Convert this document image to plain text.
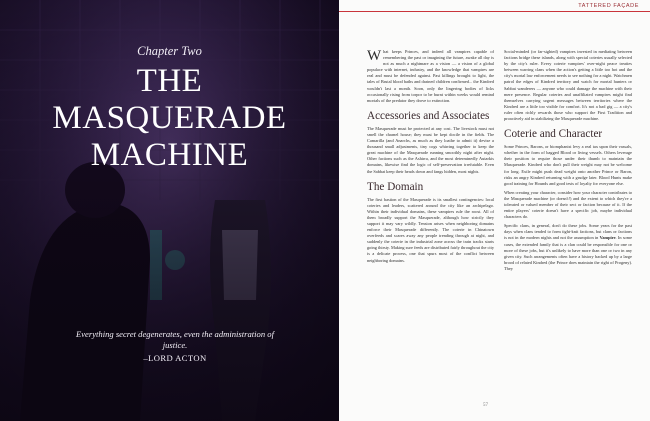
Chapter Two
THE
MASQUERADE
MACHINE
Everything secret degenerates, even the administration of justice.
–LORD ACTON
TATTERED FAÇADE

What keeps Princes, and indeed all vampires capable of remembering the past or imagining the future, awake all day is not as much a nightmare as a vision — a vision of a global populace with internet, industry, and the knowledge that vampires are real and must be defended against. Past killings brought to light, the tales of Brutal blood baths and drained children confirmed... the Kindred wouldn't last a month. Soon, only the lingering bodies of licks occasionally rising from torpor to be burnt within weeks would remind mortals of the predator they drove to extinction.

Accessories and Associates

The Masquerade must be protected at any cost. The livestock must not smell the charnel house; they must be kept docile in the fields. The Camarilla (and Anarchs, as much as they loathe to admit it) devise a thousand small adjustments, tiny cogs whirring together to keep the great machine of the Masquerade running smoothly night after night. Other factions such as the Ashirra, and the most determinedly Autarkis domains, likewise find the logic of self-preservation irrefutable. Even the Sabbat keep their heads down and fangs hidden, most nights.

The Domain

The first bastion of the Masquerade is its smallest contingencies: local coteries and leaders, scattered around the city like an archipelago. Within their individual domains, these vampires rule the roost. All of them broadly support the Masquerade, although how strictly they support it may vary wildly. Tension arises when neighboring domains enforce their Masquerade differently. The coterie in Chinatown overfeeds and scares away any people trending through at night, and suddenly the coterie in the industrial zone across the train tracks starts going thirsty. Making sure feeds are distributed fairly throughout the city is a delicate process, one that spurs most of the conflict between neighboring domains.

Social-minded (or far-sighted) vampires invested in mediating between factions bridge these islands, along with special coteries usually selected by the city's ruler. Every coterie vampires' over-night peace treaties between warring clans when the action's getting a little too hot and the city's mortal law enforcement needs to see nothing for a night. Watchmen patrol the edges of Kindred territory and watch for mortal hunters or Sabbat wanderers — anyone who could damage the machine with their mere presence. Regular coteries and unaffiliated vampires might find themselves carrying urgent messages between territories where the Kindred are a little too visible for comfort. It's not a bad gig — a city's ruler often richly rewards those who support the First Tradition and proactively aid in stabilizing the Masquerade machine.

Coterie and Character

Some Princes, Barons, or biomphanist levy a real tax upon their vassals, whether in the form of bagged Blood or living vessels. Others leverage their position to require those under their thumb to maintain the Masquerade. Kindred who don't pull their weight may not be welcome for long. Exile might push dead weight onto another Prince or Baron, risks an angry Kindred returning with a grudge later. Blood Hunts make good training for Hounds and good tests of loyalty for everyone else.

When creating your character, consider how your character contributes to the Masquerade machine (or doesn't!) and the extent to which they're a tolerated or valued member of their sect or faction because of it. If the entire players' coterie doesn't have a specific job, maybe individual characters do.

Specific clans, in general, don't do these jobs. Some years for the past days when clans tended to form tight-knit factions, but clans or factions is not in the modern nights and not the assumption in Vampire. In some cases, the extended family that is a clan could be responsible for one or more of these jobs, but it's unlikely to have more than one or two in any given city. Such arrangements often have a history backed up by a large brood of related Kindred (the Prince does maintain the right of Progeny). They

57
